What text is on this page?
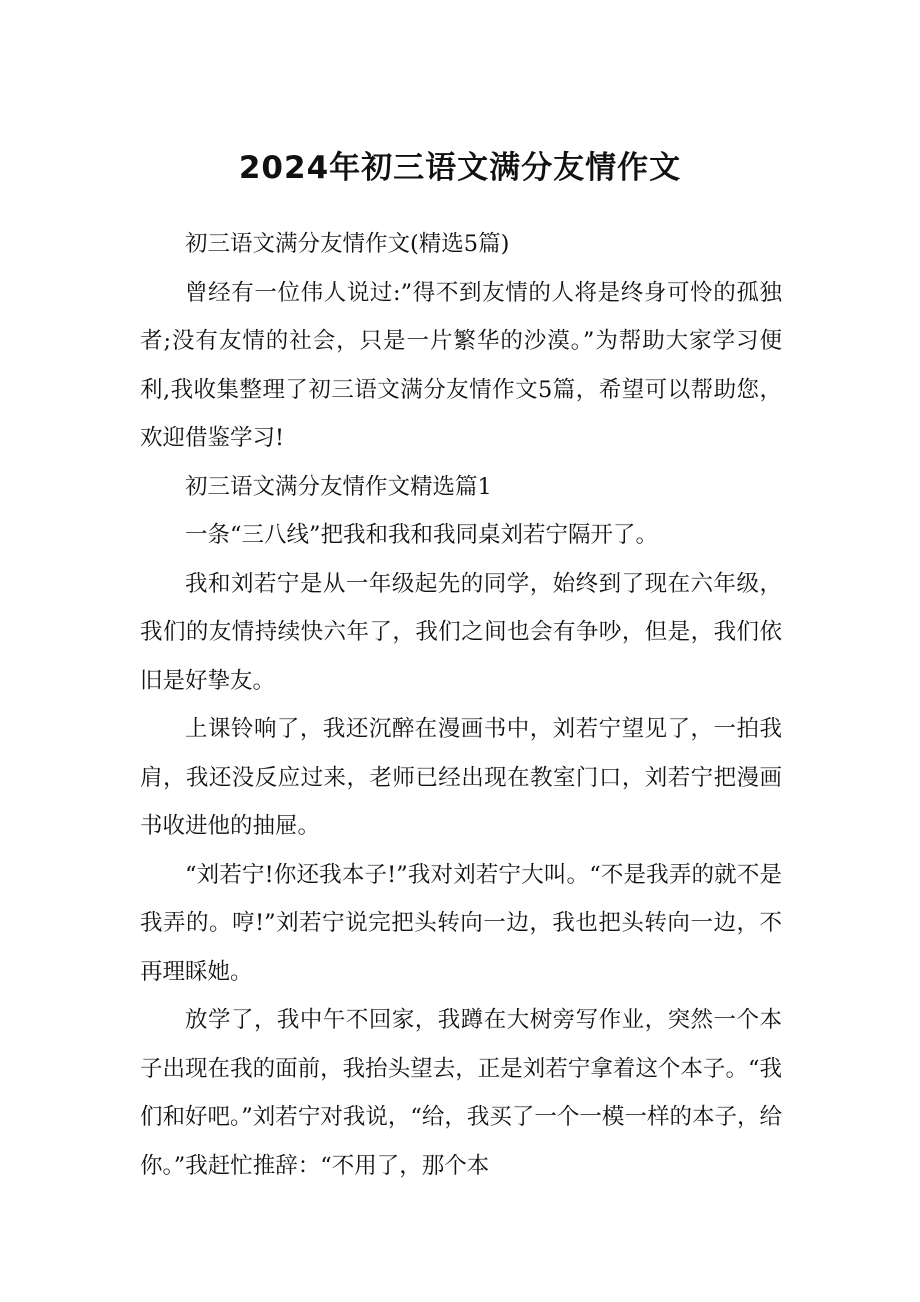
2024年初三语文满分友情作文

初三语文满分友情作文(精选5篇)

曾经有一位伟人说过:”得不到友情的人将是终身可怜的孤独者;没有友情的社会，只是一片繁华的沙漠。”为帮助大家学习便利,我收集整理了初三语文满分友情作文5篇，希望可以帮助您，欢迎借鉴学习!

初三语文满分友情作文精选篇1

一条“三八线”把我和我和我同桌刘若宁隔开了。

我和刘若宁是从一年级起先的同学，始终到了现在六年级，我们的友情持续快六年了，我们之间也会有争吵，但是，我们依旧是好挚友。

上课铃响了，我还沉醉在漫画书中，刘若宁望见了，一拍我肩，我还没反应过来，老师已经出现在教室门口，刘若宁把漫画书收进他的抽屉。

“刘若宁!你还我本子!”我对刘若宁大叫。“不是我弄的就不是我弄的。哼!”刘若宁说完把头转向一边，我也把头转向一边，不再理睬她。

放学了，我中午不回家，我蹲在大树旁写作业，突然一个本子出现在我的面前，我抬头望去，正是刘若宁拿着这个本子。“我们和好吧。”刘若宁对我说，“给，我买了一个一模一样的本子，给你。”我赶忙推辞：“不用了，那个本
